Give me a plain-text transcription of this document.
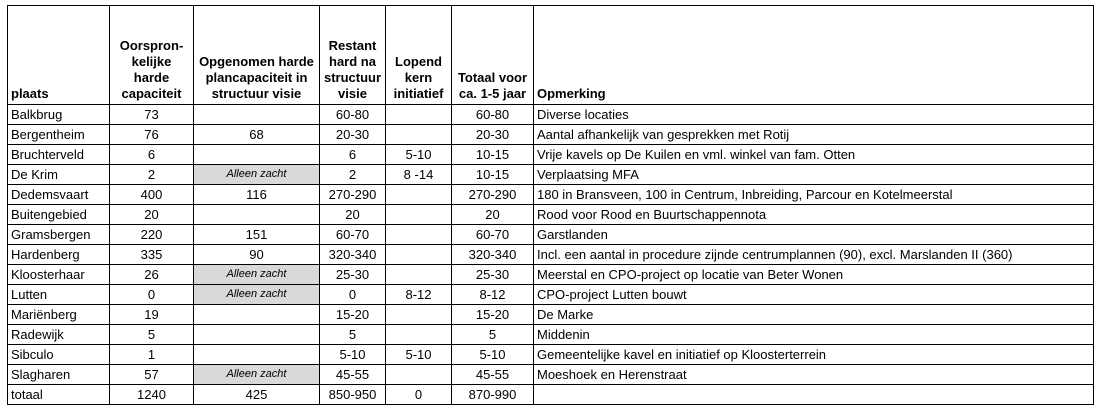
plaats	Oorspron-kelijke harde capaciteit	Opgenomen harde plancapaciteit in structuur visie	Restant hard na structuur visie	Lopend kern initiatief	Totaal voor ca. 1-5 jaar	Opmerking
Balkbrug	73		60-80		60-80	Diverse locaties
Bergentheim	76	68	20-30		20-30	Aantal afhankelijk van gesprekken met Rotij
Bruchterveld	6		6	5-10	10-15	Vrije kavels op De Kuilen en vml. winkel van fam. Otten
De Krim	2	Alleen zacht	2	8 -14	10-15	Verplaatsing MFA
Dedemsvaart	400	116	270-290		270-290	180 in Bransveen, 100 in Centrum, Inbreiding, Parcour en Kotelmeerstal
Buitengebied	20		20		20	Rood voor Rood en Buurtschappennota
Gramsbergen	220	151	60-70		60-70	Garstlanden
Hardenberg	335	90	320-340		320-340	Incl. een aantal in procedure zijnde centrumplannen (90), excl. Marslanden II (360)
Kloosterhaar	26	Alleen zacht	25-30		25-30	Meerstal en CPO-project op locatie van Beter Wonen
Lutten	0	Alleen zacht	0	8-12	8-12	CPO-project Lutten bouwt
Mariënberg	19		15-20		15-20	De Marke
Radewijk	5		5		5	Middenin
Sibculo	1		5-10	5-10	5-10	Gemeentelijke kavel en initiatief op Kloosterterrein
Slagharen	57	Alleen zacht	45-55		45-55	Moeshoek en Herenstraat
totaal	1240	425	850-950	0	870-990	
